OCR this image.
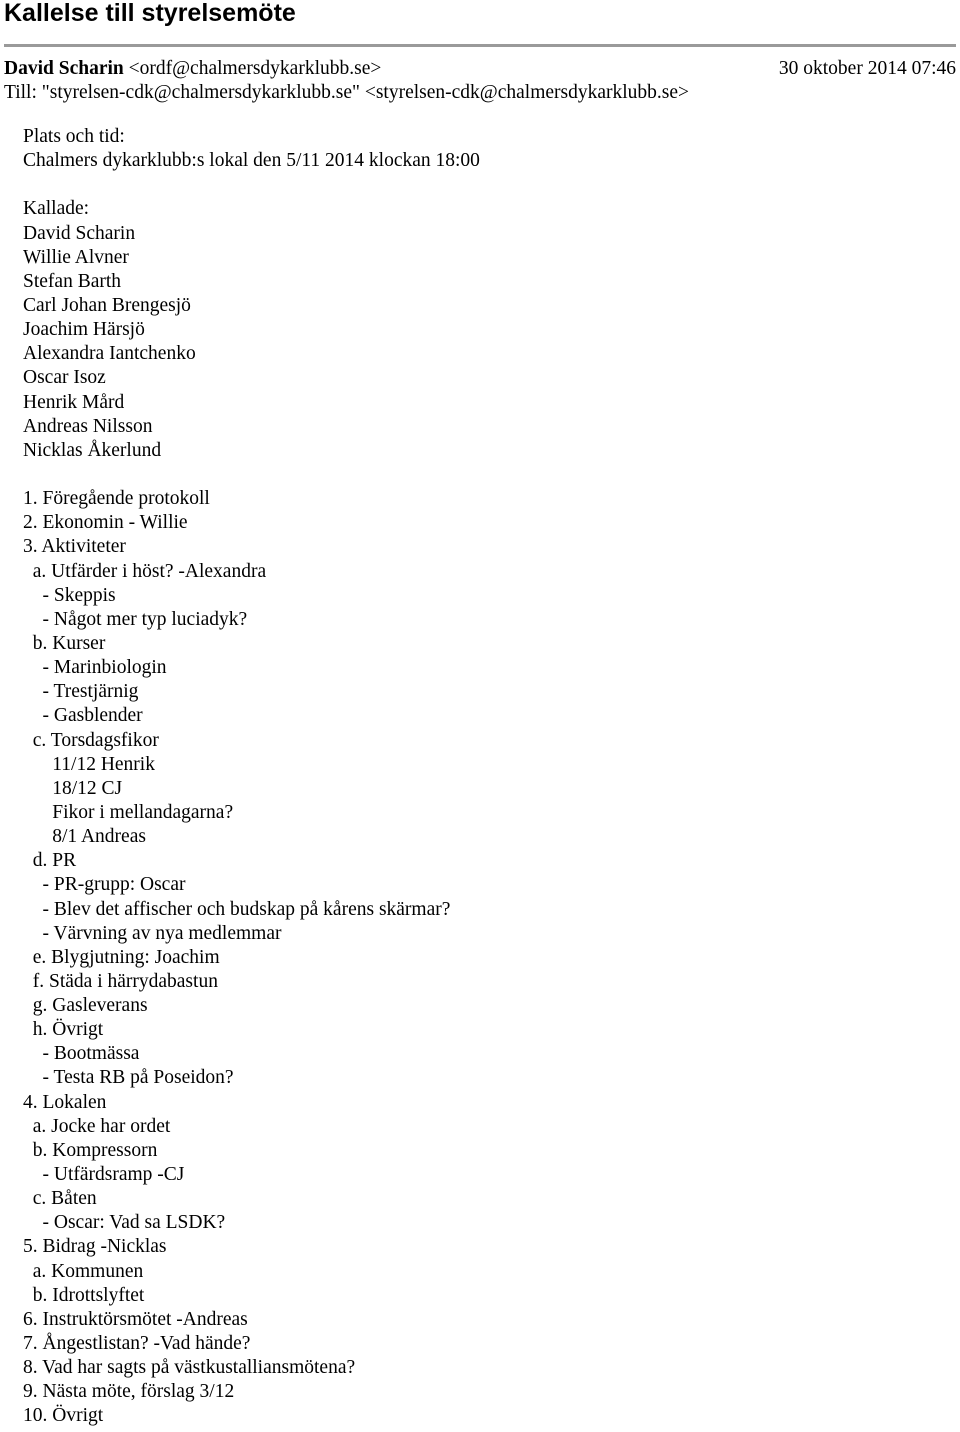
Kallelse till styrelsemöte
David Scharin <ordf@chalmersdykarklubb.se>	30 oktober 2014 07:46
Till: "styrelsen-cdk@chalmersdykarklubb.se" <styrelsen-cdk@chalmersdykarklubb.se>
Plats och tid:
Chalmers dykarklubb:s lokal den 5/11 2014 klockan 18:00
Kallade:
David Scharin
Willie Alvner
Stefan Barth
Carl Johan Brengesjö
Joachim Härsjö
Alexandra Iantchenko
Oscar Isoz
Henrik Mård
Andreas Nilsson
Nicklas Åkerlund
1. Föregående protokoll
2. Ekonomin - Willie
3. Aktiviteter
a. Utfärder i höst? -Alexandra
- Skeppis
- Något mer typ luciadyk?
b. Kurser
- Marinbiologin
- Trestjärnig
- Gasblender
c. Torsdagsfikor
11/12 Henrik
18/12 CJ
Fikor i mellandagarna?
8/1 Andreas
d. PR
- PR-grupp: Oscar
- Blev det affischer och budskap på kårens skärmar?
- Värvning av nya medlemmar
e. Blygjutning: Joachim
f. Städa i härrydabastun
g. Gasleverans
h. Övrigt
- Bootmässa
- Testa RB på Poseidon?
4. Lokalen
a. Jocke har ordet
b. Kompressorn
- Utfärdsramp -CJ
c. Båten
- Oscar: Vad sa LSDK?
5. Bidrag -Nicklas
a. Kommunen
b. Idrottslyftet
6. Instruktörsmötet -Andreas
7. Ångestlistan? -Vad hände?
8. Vad har sagts på västkustalliansmötena?
9. Nästa möte, förslag 3/12
10. Övrigt
